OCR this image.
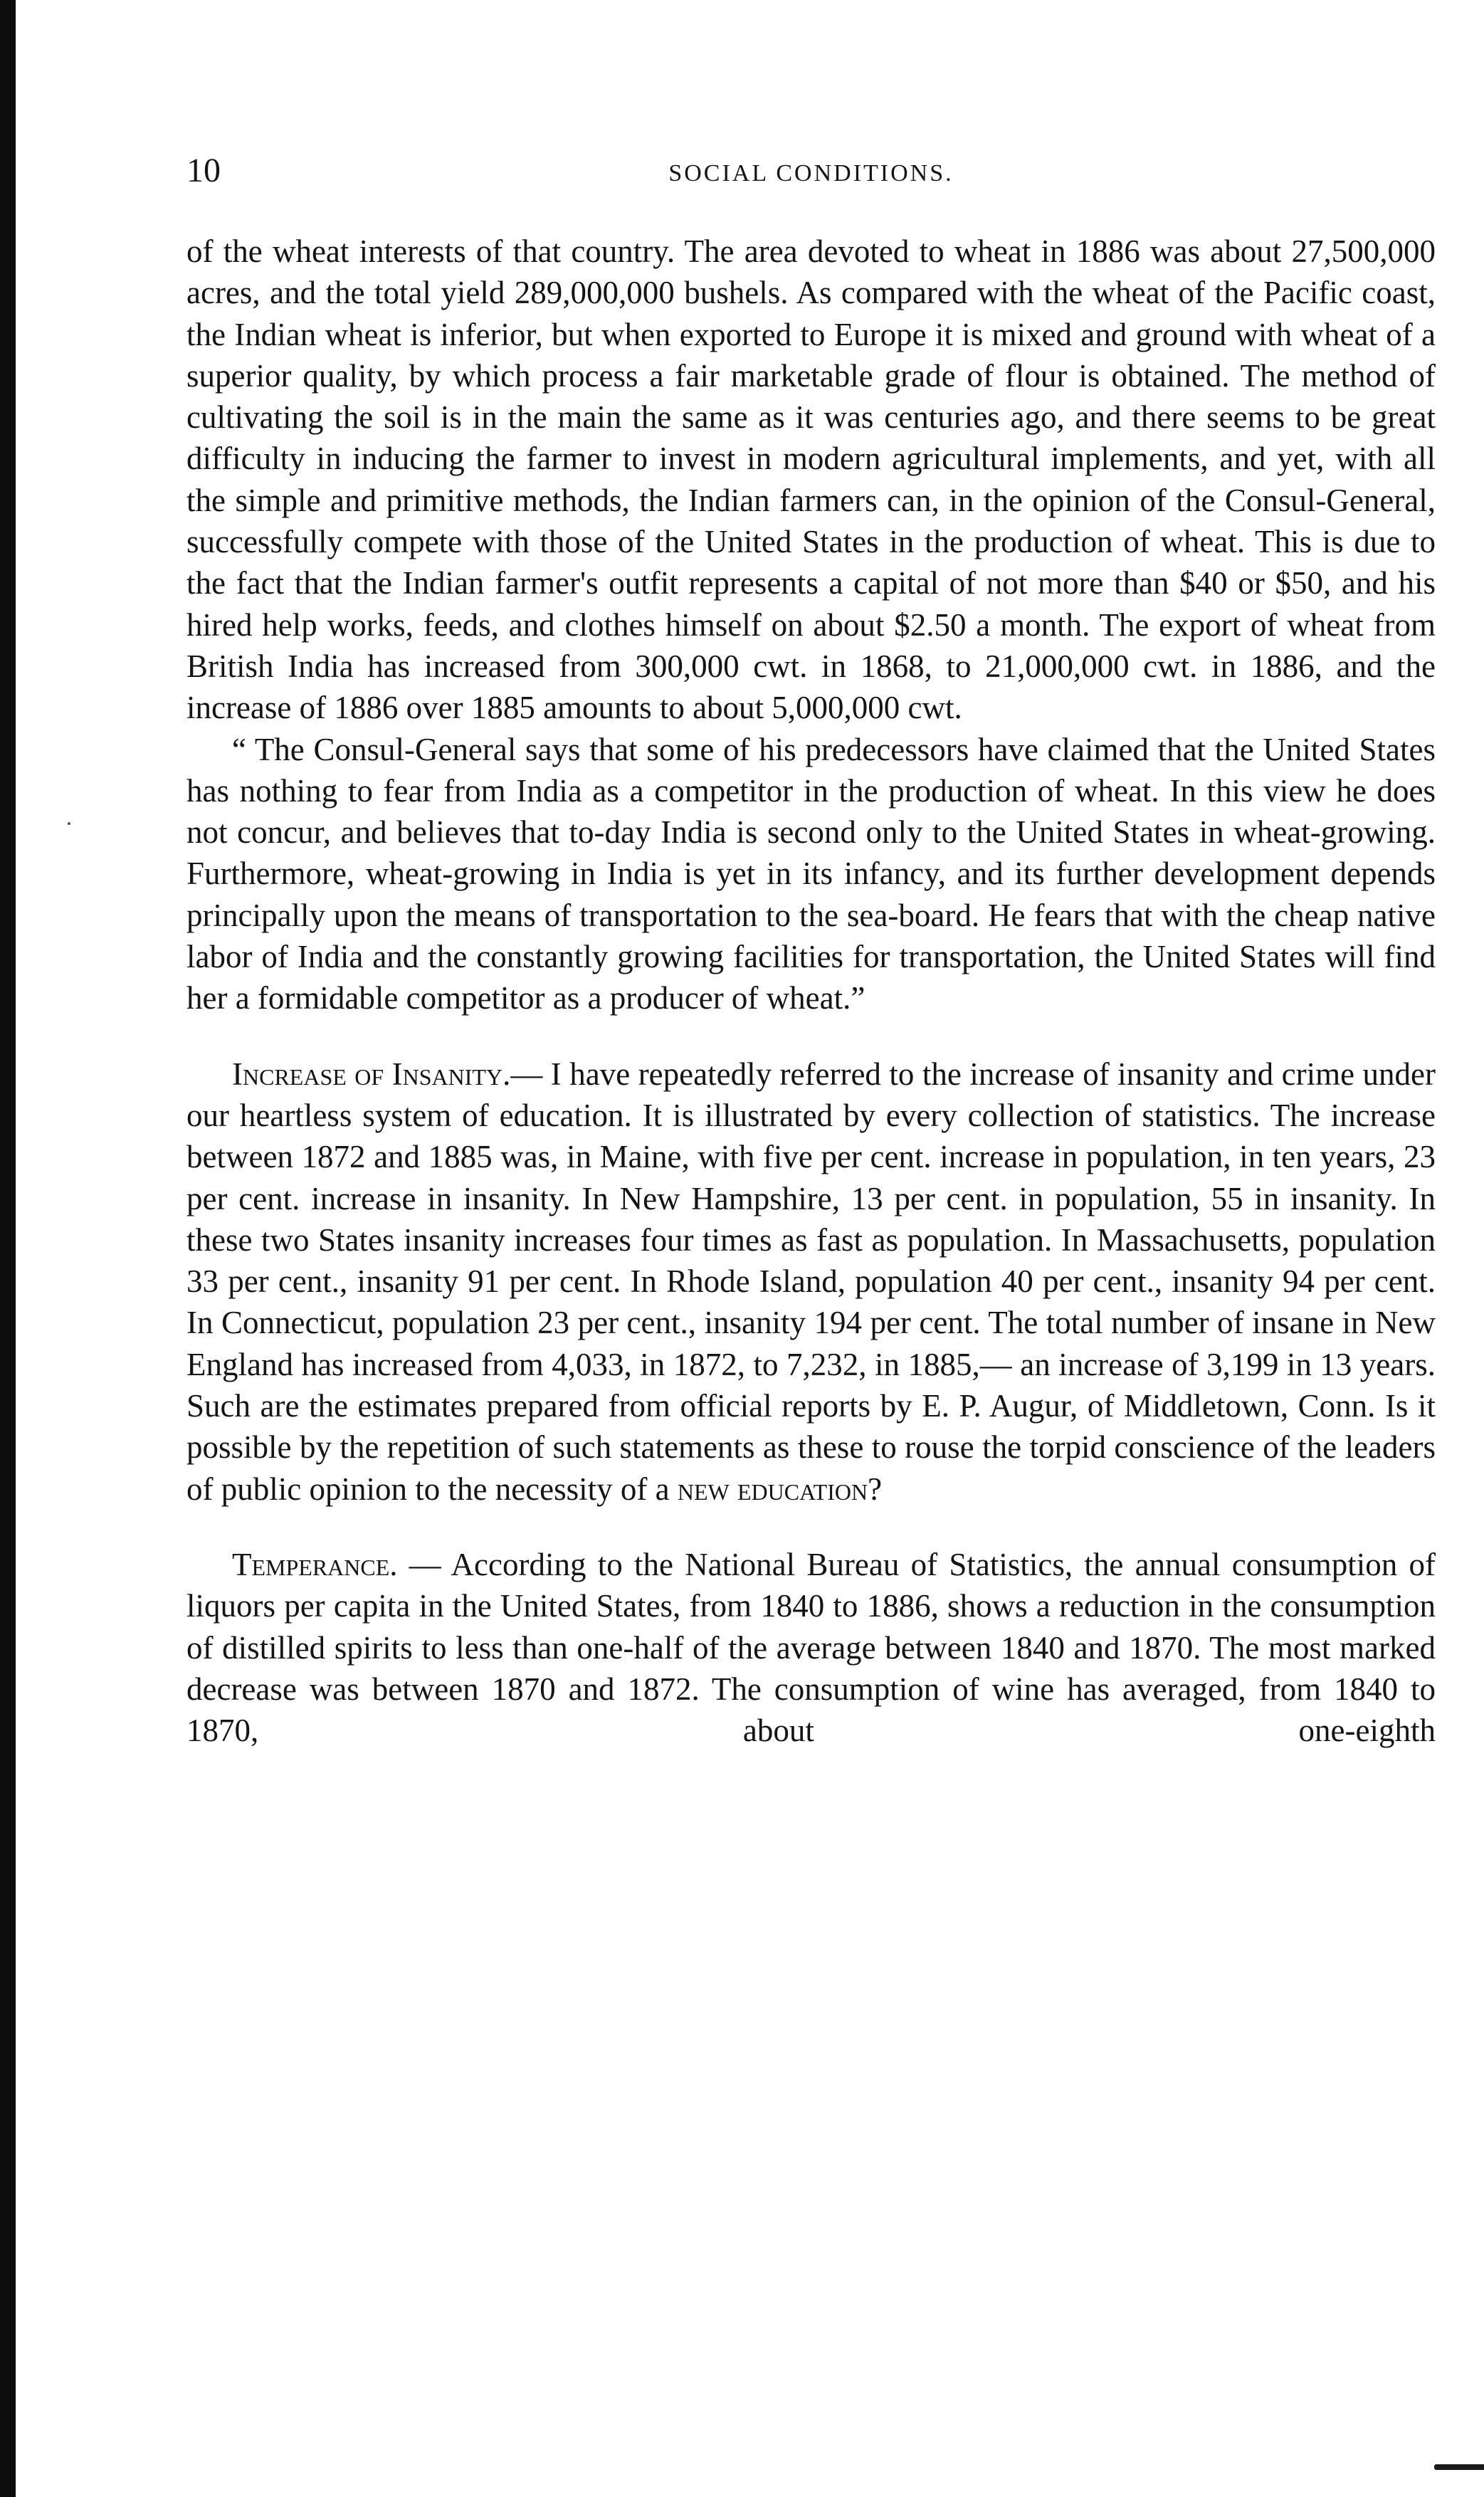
10	SOCIAL CONDITIONS.

of the wheat interests of that country. The area devoted to wheat in 1886 was about 27,500,000 acres, and the total yield 289,000,000 bushels. As compared with the wheat of the Pacific coast, the Indian wheat is inferior, but when exported to Europe it is mixed and ground with wheat of a superior quality, by which process a fair marketable grade of flour is obtained. The method of cultivating the soil is in the main the same as it was centuries ago, and there seems to be great difficulty in inducing the farmer to invest in modern agricultural implements, and yet, with all the simple and primitive methods, the Indian farmers can, in the opinion of the Consul-General, successfully compete with those of the United States in the production of wheat. This is due to the fact that the Indian farmer's outfit represents a capital of not more than $40 or $50, and his hired help works, feeds, and clothes himself on about $2.50 a month. The export of wheat from British India has increased from 300,000 cwt. in 1868, to 21,000,000 cwt. in 1886, and the increase of 1886 over 1885 amounts to about 5,000,000 cwt.

“ The Consul-General says that some of his predecessors have claimed that the United States has nothing to fear from India as a competitor in the production of wheat. In this view he does not concur, and believes that to-day India is second only to the United States in wheat-growing. Furthermore, wheat-growing in India is yet in its infancy, and its further development depends principally upon the means of transportation to the sea-board. He fears that with the cheap native labor of India and the constantly growing facilities for transportation, the United States will find her a formidable competitor as a producer of wheat.”

Increase of Insanity.— I have repeatedly referred to the increase of insanity and crime under our heartless system of education. It is illustrated by every collection of statistics. The increase between 1872 and 1885 was, in Maine, with five per cent. increase in population, in ten years, 23 per cent. increase in insanity. In New Hampshire, 13 per cent. in population, 55 in insanity. In these two States insanity increases four times as fast as population. In Massachusetts, population 33 per cent., insanity 91 per cent. In Rhode Island, population 40 per cent., insanity 94 per cent. In Connecticut, population 23 per cent., insanity 194 per cent. The total number of insane in New England has increased from 4,033, in 1872, to 7,232, in 1885,— an increase of 3,199 in 13 years. Such are the estimates prepared from official reports by E. P. Augur, of Middletown, Conn. Is it possible by the repetition of such statements as these to rouse the torpid conscience of the leaders of public opinion to the necessity of a new education?

Temperance. — According to the National Bureau of Statistics, the annual consumption of liquors per capita in the United States, from 1840 to 1886, shows a reduction in the consumption of distilled spirits to less than one-half of the average between 1840 and 1870. The most marked decrease was between 1870 and 1872. The consumption of wine has averaged, from 1840 to 1870, about one-eighth
